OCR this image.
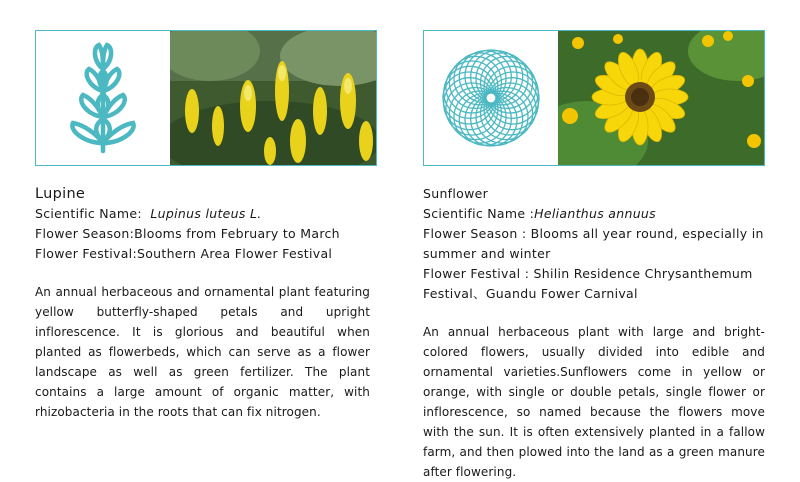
Lupine
Scientific Name: Lupinus luteus L.
Flower Season:Blooms from February to March
Flower Festival:Southern Area Flower Festival
An annual herbaceous and ornamental plant featuring yellow butterfly-shaped petals and upright inflorescence. It is glorious and beautiful when planted as flowerbeds, which can serve as a flower landscape as well as green fertilizer. The plant contains a large amount of organic matter, with rhizobacteria in the roots that can fix nitrogen.
Sunflower
Scientific Name :Helianthus annuus
Flower Season : Blooms all year round, especially in summer and winter
Flower Festival : Shilin Residence Chrysanthemum Festival、Guandu Fower Carnival
An annual herbaceous plant with large and bright-colored flowers, usually divided into edible and ornamental varieties.Sunflowers come in yellow or orange, with single or double petals, single flower or inflorescence, so named because the flowers move with the sun. It is often extensively planted in a fallow farm, and then plowed into the land as a green manure after flowering.
